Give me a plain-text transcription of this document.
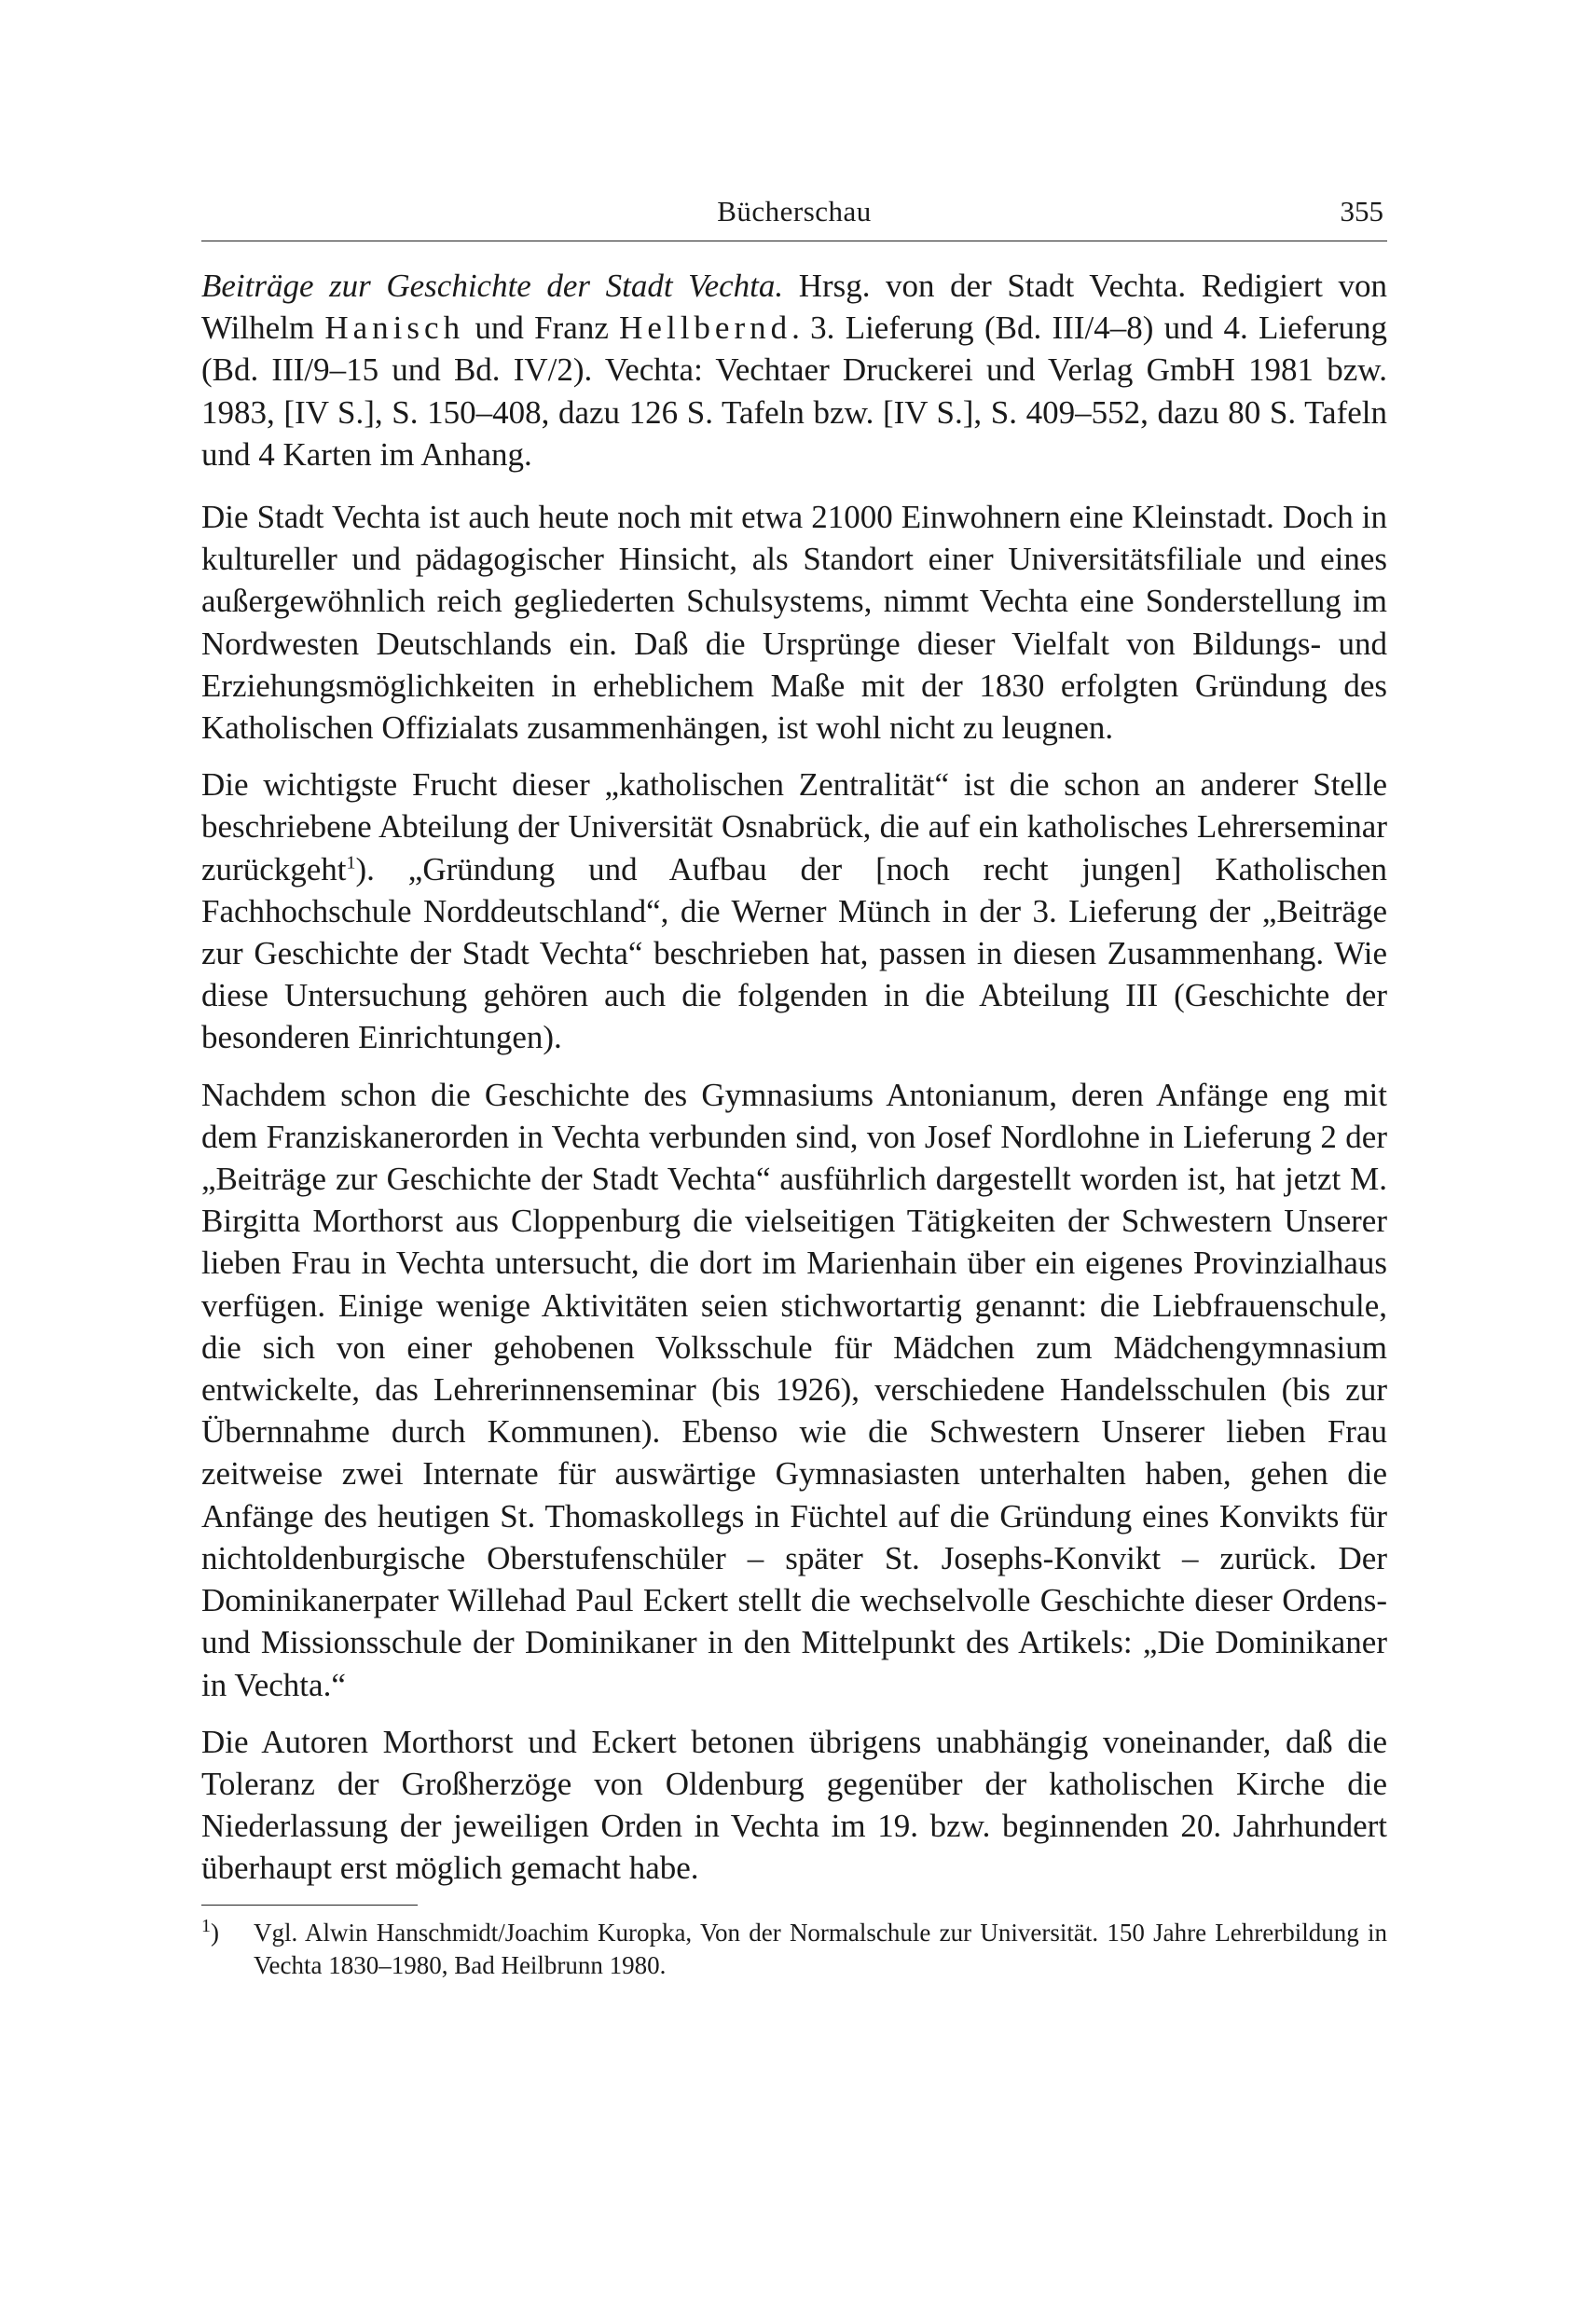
Bücherschau	355

Beiträge zur Geschichte der Stadt Vechta. Hrsg. von der Stadt Vechta. Redigiert von Wilhelm Hanisch und Franz Hellbernd. 3. Lieferung (Bd. III/4–8) und 4. Lieferung (Bd. III/9–15 und Bd. IV/2). Vechta: Vechtaer Druckerei und Verlag GmbH 1981 bzw. 1983, [IV S.], S. 150–408, dazu 126 S. Tafeln bzw. [IV S.], S. 409–552, dazu 80 S. Tafeln und 4 Karten im Anhang.

Die Stadt Vechta ist auch heute noch mit etwa 21000 Einwohnern eine Kleinstadt. Doch in kultureller und pädagogischer Hinsicht, als Standort einer Universitätsfiliale und eines außergewöhnlich reich gegliederten Schulsystems, nimmt Vechta eine Sonderstellung im Nordwesten Deutschlands ein. Daß die Ursprünge dieser Vielfalt von Bildungs- und Erziehungsmöglichkeiten in erheblichem Maße mit der 1830 erfolgten Gründung des Katholischen Offizialats zusammenhängen, ist wohl nicht zu leugnen.

Die wichtigste Frucht dieser „katholischen Zentralität“ ist die schon an anderer Stelle beschriebene Abteilung der Universität Osnabrück, die auf ein katholisches Lehrerseminar zurückgeht$^1$). „Gründung und Aufbau der [noch recht jungen] Katholischen Fachhochschule Norddeutschland“, die Werner Münch in der 3. Lieferung der „Beiträge zur Geschichte der Stadt Vechta“ beschrieben hat, passen in diesen Zusammenhang. Wie diese Untersuchung gehören auch die folgenden in die Abteilung III (Geschichte der besonderen Einrichtungen).

Nachdem schon die Geschichte des Gymnasiums Antonianum, deren Anfänge eng mit dem Franziskanerorden in Vechta verbunden sind, von Josef Nordlohne in Lieferung 2 der „Beiträge zur Geschichte der Stadt Vechta“ ausführlich dargestellt worden ist, hat jetzt M. Birgitta Morthorst aus Cloppenburg die vielseitigen Tätigkeiten der Schwestern Unserer lieben Frau in Vechta untersucht, die dort im Marienhain über ein eigenes Provinzialhaus verfügen. Einige wenige Aktivitäten seien stichwortartig genannt: die Liebfrauenschule, die sich von einer gehobenen Volksschule für Mädchen zum Mädchengymnasium entwickelte, das Lehrerinnenseminar (bis 1926), verschiedene Handelsschulen (bis zur Übernnahme durch Kommunen). Ebenso wie die Schwestern Unserer lieben Frau zeitweise zwei Internate für auswärtige Gymnasiasten unterhalten haben, gehen die Anfänge des heutigen St. Thomaskollegs in Füchtel auf die Gründung eines Konvikts für nichtoldenburgische Oberstufenschüler – später St. Josephs-Konvikt – zurück. Der Dominikanerpater Willehad Paul Eckert stellt die wechselvolle Geschichte dieser Ordens- und Missionsschule der Dominikaner in den Mittelpunkt des Artikels: „Die Dominikaner in Vechta.“

Die Autoren Morthorst und Eckert betonen übrigens unabhängig voneinander, daß die Toleranz der Großherzöge von Oldenburg gegenüber der katholischen Kirche die Niederlassung der jeweiligen Orden in Vechta im 19. bzw. beginnenden 20. Jahrhundert überhaupt erst möglich gemacht habe.

$^1$)	Vgl. Alwin Hanschmidt/Joachim Kuropka, Von der Normalschule zur Universität. 150 Jahre Lehrerbildung in Vechta 1830–1980, Bad Heilbrunn 1980.
